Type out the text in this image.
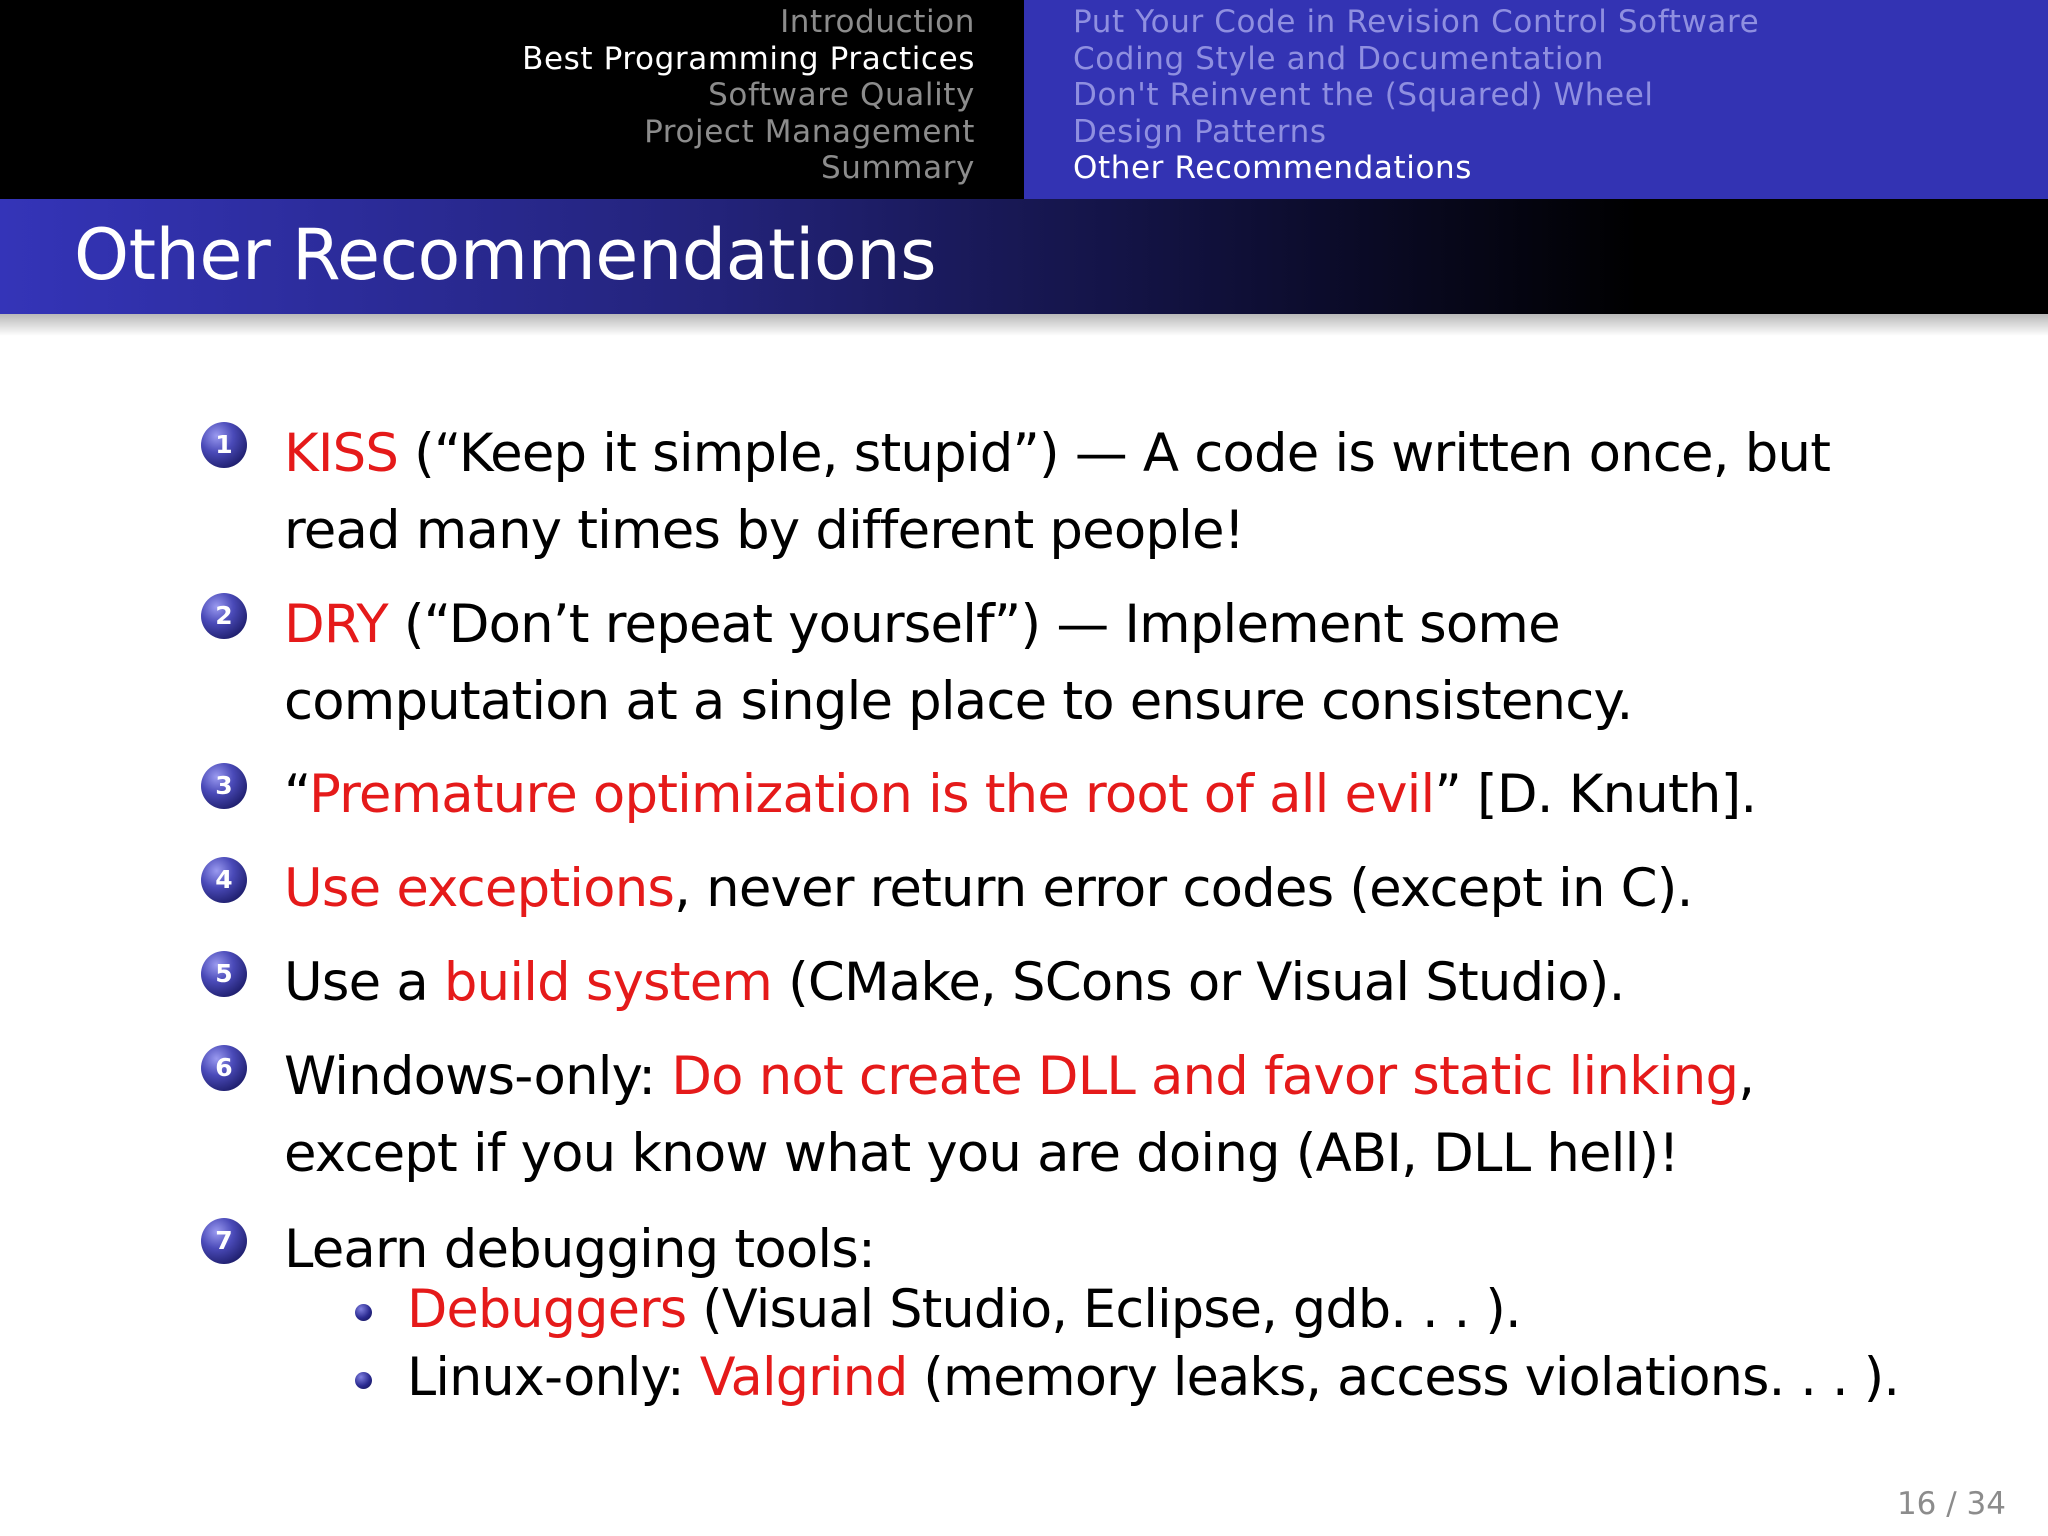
Introduction
Best Programming Practices
Software Quality
Project Management
Summary
Put Your Code in Revision Control Software
Coding Style and Documentation
Don't Reinvent the (Squared) Wheel
Design Patterns
Other Recommendations
Other Recommendations
1 KISS (“Keep it simple, stupid”) — A code is written once, but
read many times by different people!
2 DRY (“Don’t repeat yourself”) — Implement some
computation at a single place to ensure consistency.
3 “Premature optimization is the root of all evil” [D. Knuth].
4 Use exceptions, never return error codes (except in C).
5 Use a build system (CMake, SCons or Visual Studio).
6 Windows-only: Do not create DLL and favor static linking,
except if you know what you are doing (ABI, DLL hell)!
7 Learn debugging tools:
Debuggers (Visual Studio, Eclipse, gdb. . . ).
Linux-only: Valgrind (memory leaks, access violations. . . ).
16 / 34
